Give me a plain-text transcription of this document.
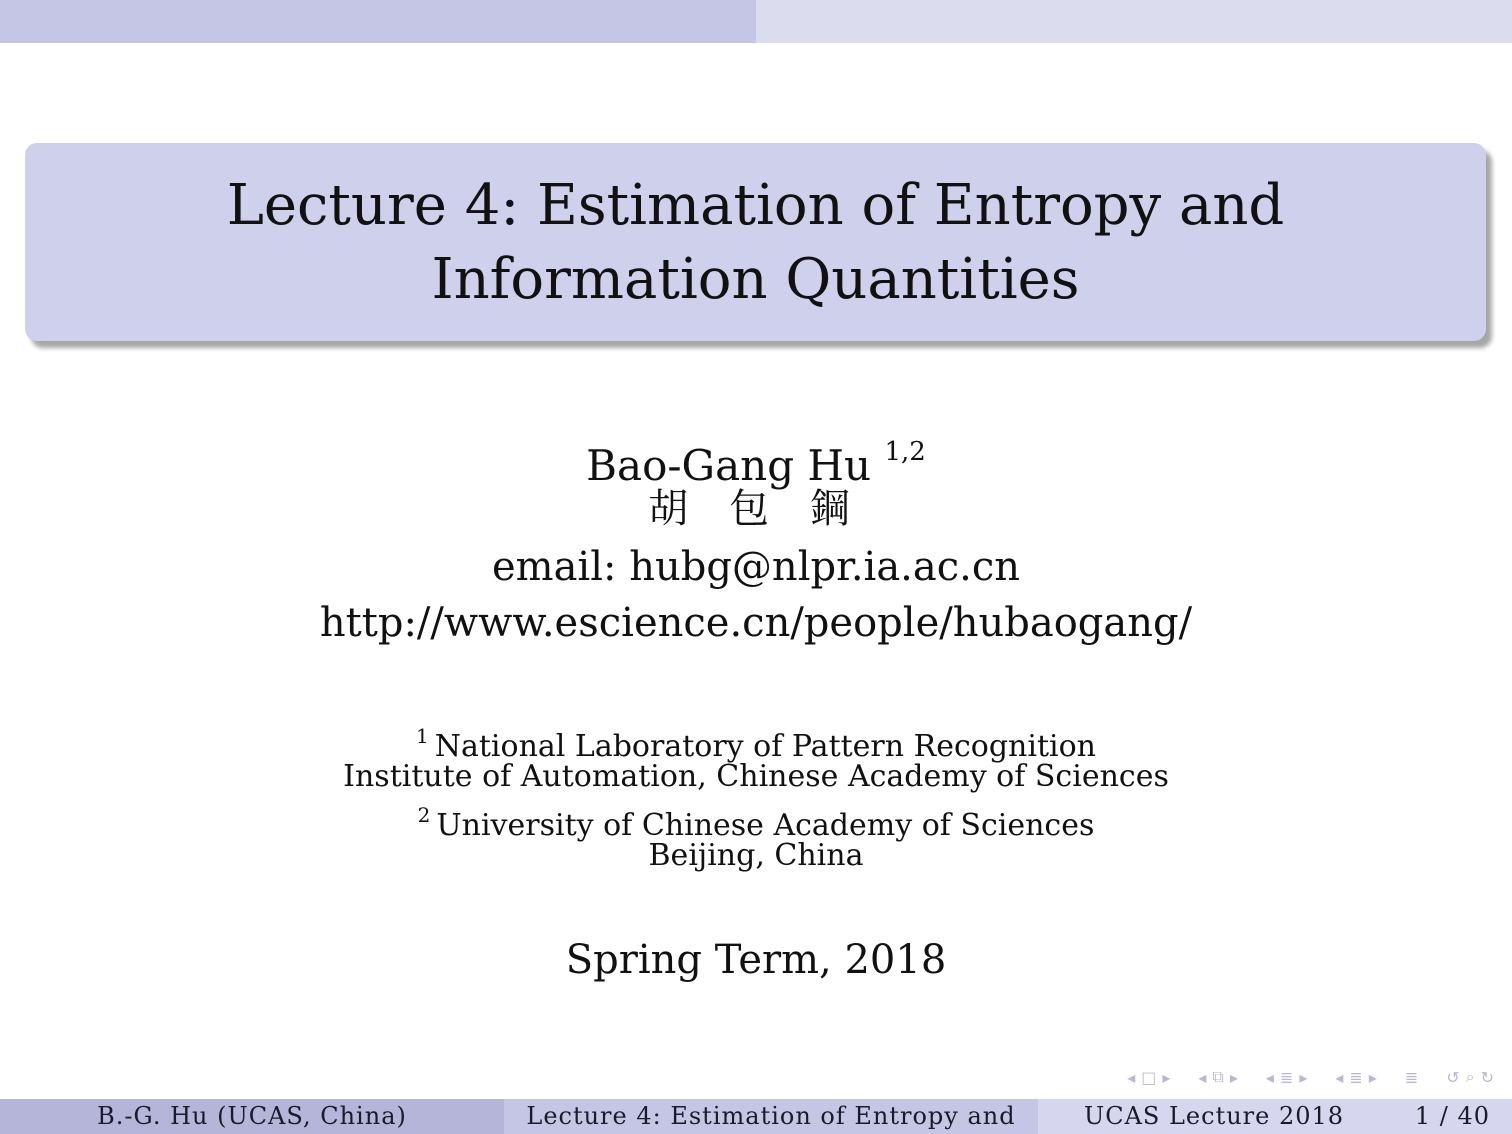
Lecture 4: Estimation of Entropy and
Information Quantities
Bao-Gang Hu $^{1,2}$
胡 包 鋼
email: hubg@nlpr.ia.ac.cn
http://www.escience.cn/people/hubaogang/
$^1$ National Laboratory of Pattern Recognition
Institute of Automation, Chinese Academy of Sciences
$^2$ University of Chinese Academy of Sciences
Beijing, China
Spring Term, 2018
◂ □ ▸ ◂ ⧉ ▸ ◂ ≣ ▸ ◂ ≣ ▸ ≣ ↺ ⌕ ↻
B.-G. Hu (UCAS, China)	Lecture 4: Estimation of Entropy and	UCAS Lecture 2018	1 / 40
